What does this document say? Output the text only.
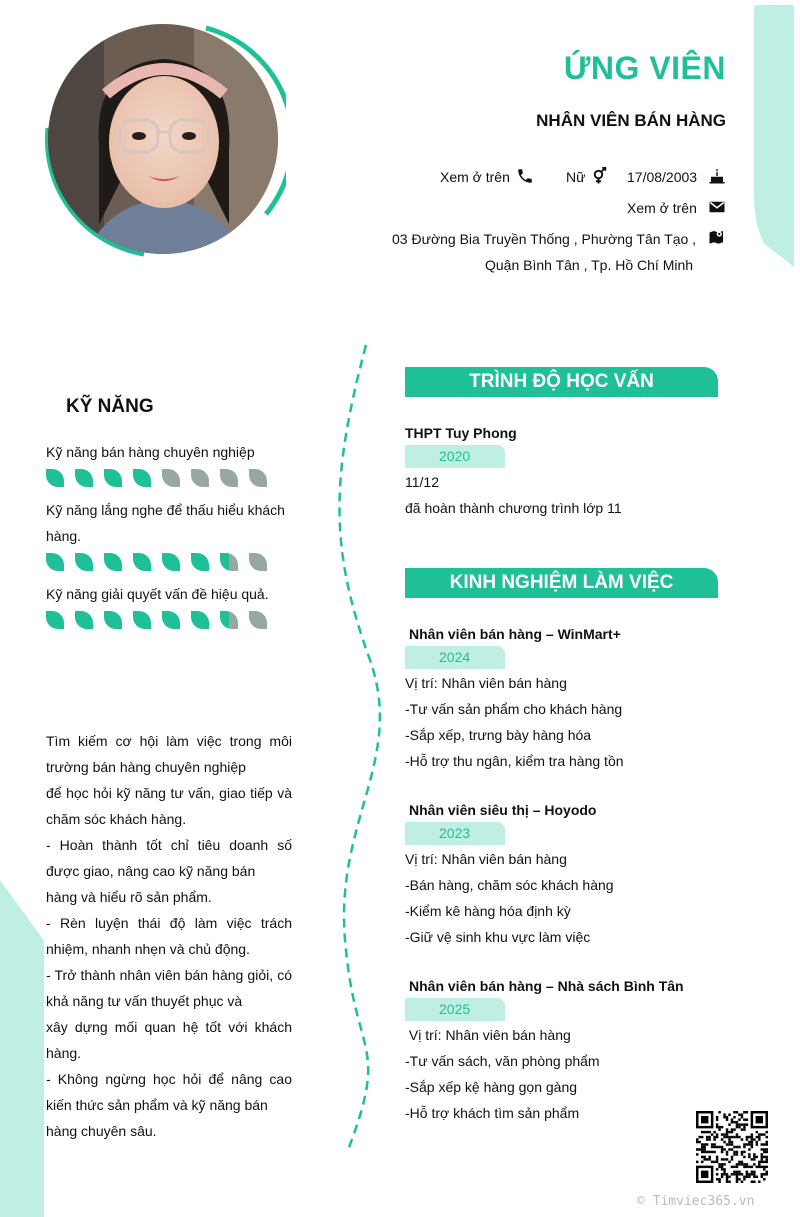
ỨNG VIÊN
NHÂN VIÊN BÁN HÀNG
Xem ở trên	Nữ	17/08/2003
Xem ở trên
03 Đường Bia Truyền Thống , Phường Tân Tạo ,
Quận Bình Tân , Tp. Hồ Chí Minh
KỸ NĂNG
Kỹ năng bán hàng chuyên nghiệp
Kỹ năng lắng nghe để thấu hiểu khách hàng.
Kỹ năng giải quyết vấn đề hiệu quả.

Tìm kiếm cơ hội làm việc trong môi trường bán hàng chuyên nghiệp

để học hỏi kỹ năng tư vấn, giao tiếp và chăm sóc khách hàng.

- Hoàn thành tốt chỉ tiêu doanh số được giao, nâng cao kỹ năng bán

hàng và hiểu rõ sản phẩm.

- Rèn luyện thái độ làm việc trách nhiệm, nhanh nhẹn và chủ động.

- Trở thành nhân viên bán hàng giỏi, có khả năng tư vấn thuyết phục và

xây dựng mối quan hệ tốt với khách hàng.

- Không ngừng học hỏi để nâng cao kiến thức sản phẩm và kỹ năng bán

hàng chuyên sâu.

TRÌNH ĐỘ HỌC VẤN
THPT Tuy Phong
2020
11/12
đã hoàn thành chương trình lớp 11
KINH NGHIỆM LÀM VIỆC
Nhân viên bán hàng – WinMart+
2024
Vị trí: Nhân viên bán hàng
-Tư vấn sản phẩm cho khách hàng
-Sắp xếp, trưng bày hàng hóa
-Hỗ trợ thu ngân, kiểm tra hàng tồn
Nhân viên siêu thị – Hoyodo
2023
Vị trí: Nhân viên bán hàng
-Bán hàng, chăm sóc khách hàng
-Kiểm kê hàng hóa định kỳ
-Giữ vệ sinh khu vực làm việc
Nhân viên bán hàng – Nhà sách Bình Tân
2025
Vị trí: Nhân viên bán hàng
-Tư vấn sách, văn phòng phẩm
-Sắp xếp kệ hàng gọn gàng
-Hỗ trợ khách tìm sản phẩm
© Timviec365.vn
